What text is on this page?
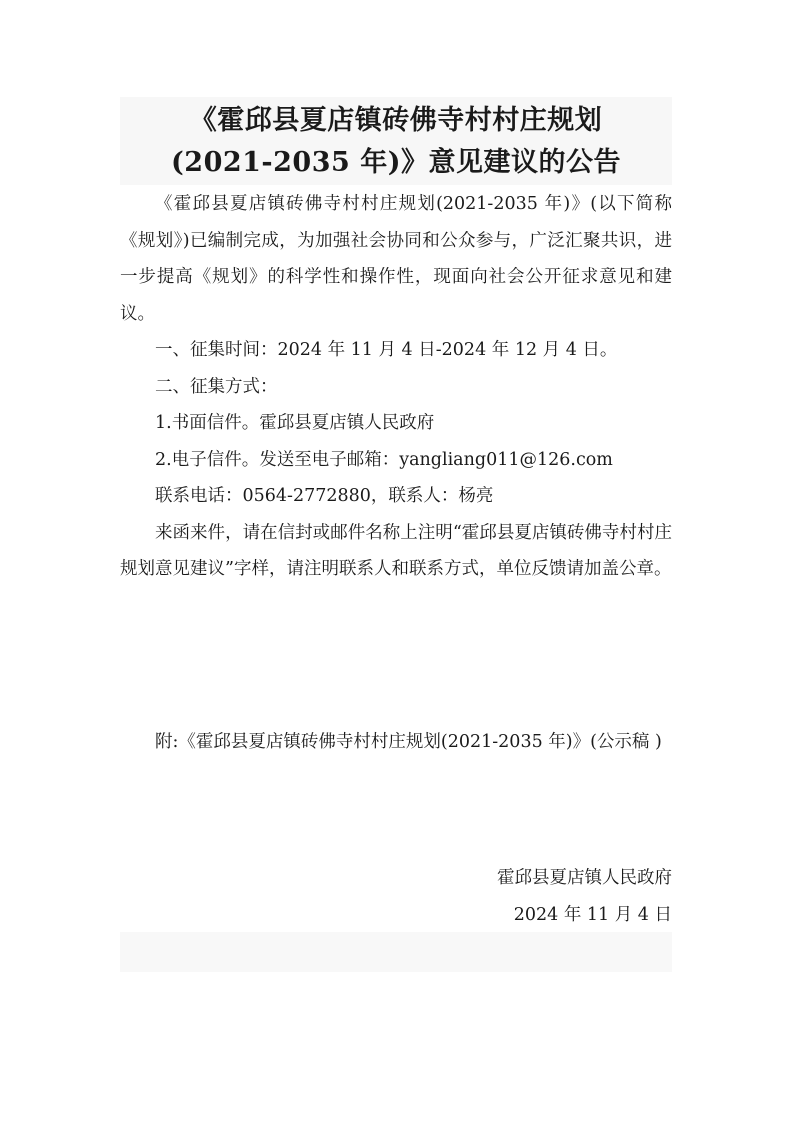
《霍邱县夏店镇砖佛寺村村庄规划
(2021-2035 年)》意见建议的公告

《霍邱县夏店镇砖佛寺村村庄规划(2021-2035 年)》(以下简称《规划》)已编制完成，为加强社会协同和公众参与，广泛汇聚共识，进一步提高《规划》的科学性和操作性，现面向社会公开征求意见和建议。

一、征集时间：2024 年 11 月 4 日-2024 年 12 月 4 日。

二、征集方式：

1.书面信件。霍邱县夏店镇人民政府

2.电子信件。发送至电子邮箱：yangliang011@126.com

联系电话：0564-2772880，联系人：杨亮

来函来件，请在信封或邮件名称上注明“霍邱县夏店镇砖佛寺村村庄规划意见建议”字样，请注明联系人和联系方式，单位反馈请加盖公章。

附:《霍邱县夏店镇砖佛寺村村庄规划(2021-2035 年)》(公示稿 )

霍邱县夏店镇人民政府
2024 年 11 月 4 日
